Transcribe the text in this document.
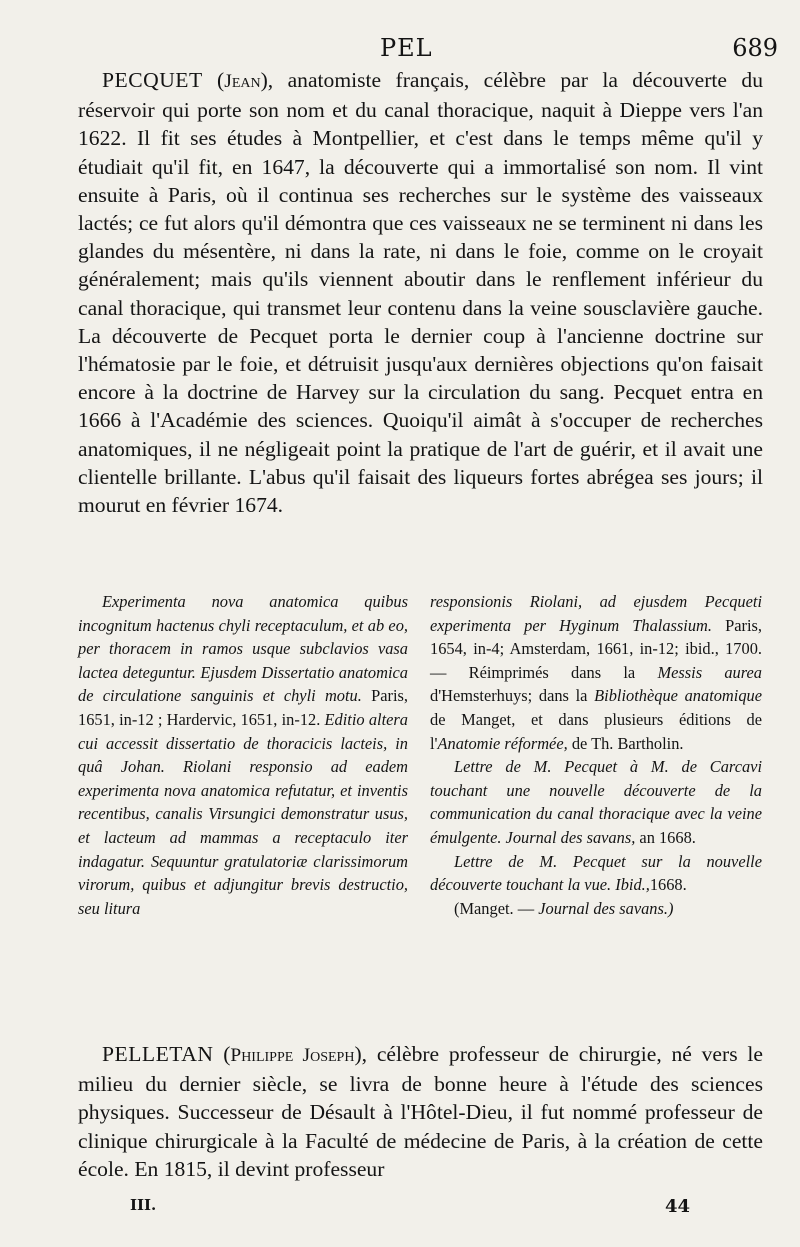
PEL	689

PECQUET (Jean), anatomiste français, célèbre par la découverte du réservoir qui porte son nom et du canal thoracique, naquit à Dieppe vers l'an 1622. Il fit ses études à Montpellier, et c'est dans le temps même qu'il y étudiait qu'il fit, en 1647, la découverte qui a immortalisé son nom. Il vint ensuite à Paris, où il continua ses recherches sur le système des vaisseaux lactés; ce fut alors qu'il démontra que ces vaisseaux ne se terminent ni dans les glandes du mésentère, ni dans la rate, ni dans le foie, comme on le croyait généralement; mais qu'ils viennent aboutir dans le renflement inférieur du canal thoracique, qui transmet leur contenu dans la veine sousclavière gauche. La découverte de Pecquet porta le dernier coup à l'ancienne doctrine sur l'hématosie par le foie, et détruisit jusqu'aux dernières objections qu'on faisait encore à la doctrine de Harvey sur la circulation du sang. Pecquet entra en 1666 à l'Académie des sciences. Quoiqu'il aimât à s'occuper de recherches anatomiques, il ne négligeait point la pratique de l'art de guérir, et il avait une clientelle brillante. L'abus qu'il faisait des liqueurs fortes abrégea ses jours; il mourut en février 1674.

Experimenta nova anatomica quibus incognitum hactenus chyli receptaculum, et ab eo, per thoracem in ramos usque subclavios vasa lactea deteguntur. Ejusdem Dissertatio anatomica de circulatione sanguinis et chyli motu. Paris, 1651, in-12 ; Hardervic, 1651, in-12. Editio altera cui accessit dissertatio de thoracicis lacteis, in quâ Johan. Riolani responsio ad eadem experimenta nova anatomica refutatur, et inventis recentibus, canalis Virsungici demonstratur usus, et lacteum ad mammas a receptaculo iter indagatur. Sequuntur gratulatoriæ clarissimorum virorum, quibus et adjungitur brevis destructio, seu litura

responsionis Riolani, ad ejusdem Pecqueti experimenta per Hyginum Thalassium. Paris, 1654, in-4; Amsterdam, 1661, in-12; ibid., 1700. — Réimprimés dans la Messis aurea d'Hemsterhuys; dans la Bibliothèque anatomique de Manget, et dans plusieurs éditions de l'Anatomie réformée, de Th. Bartholin.

Lettre de M. Pecquet à M. de Carcavi touchant une nouvelle découverte de la communication du canal thoracique avec la veine émulgente. Journal des savans, an 1668.

Lettre de M. Pecquet sur la nouvelle découverte touchant la vue. Ibid.,1668.

(Manget. — Journal des savans.)

PELLETAN (Philippe Joseph), célèbre professeur de chirurgie, né vers le milieu du dernier siècle, se livra de bonne heure à l'étude des sciences physiques. Successeur de Désault à l'Hôtel-Dieu, il fut nommé professeur de clinique chirurgicale à la Faculté de médecine de Paris, à la création de cette école. En 1815, il devint professeur

III.	44
